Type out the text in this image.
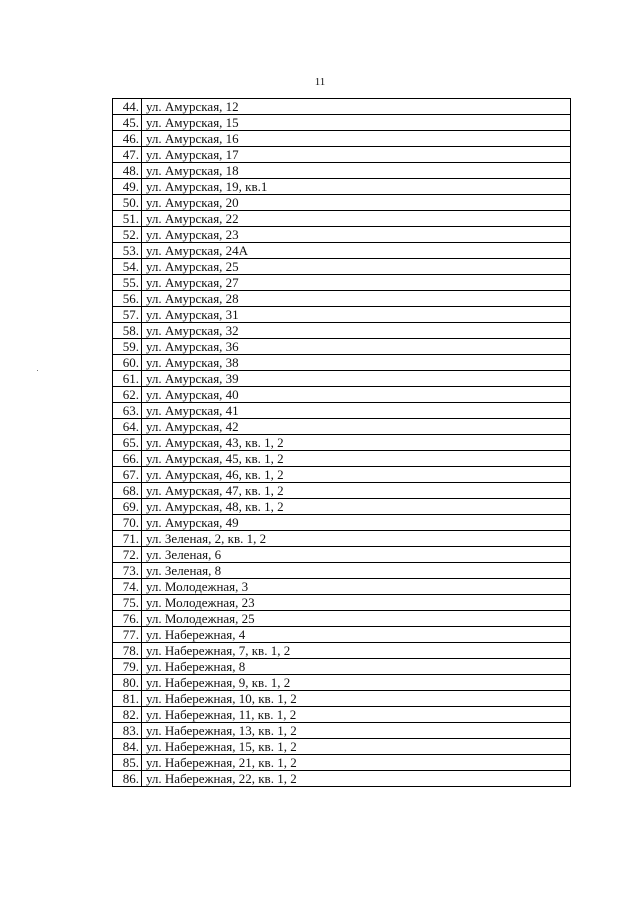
11
44.	ул. Амурская, 12
45.	ул. Амурская, 15
46.	ул. Амурская, 16
47.	ул. Амурская, 17
48.	ул. Амурская, 18
49.	ул. Амурская, 19, кв.1
50.	ул. Амурская, 20
51.	ул. Амурская, 22
52.	ул. Амурская, 23
53.	ул. Амурская, 24А
54.	ул. Амурская, 25
55.	ул. Амурская, 27
56.	ул. Амурская, 28
57.	ул. Амурская, 31
58.	ул. Амурская, 32
59.	ул. Амурская, 36
60.	ул. Амурская, 38
61.	ул. Амурская, 39
62.	ул. Амурская, 40
63.	ул. Амурская, 41
64.	ул. Амурская, 42
65.	ул. Амурская, 43, кв. 1, 2
66.	ул. Амурская, 45, кв. 1, 2
67.	ул. Амурская, 46, кв. 1, 2
68.	ул. Амурская, 47, кв. 1, 2
69.	ул. Амурская, 48, кв. 1, 2
70.	ул. Амурская, 49
71.	ул. Зеленая, 2, кв. 1, 2
72.	ул. Зеленая, 6
73.	ул. Зеленая, 8
74.	ул. Молодежная, 3
75.	ул. Молодежная, 23
76.	ул. Молодежная, 25
77.	ул. Набережная, 4
78.	ул. Набережная, 7, кв. 1, 2
79.	ул. Набережная, 8
80.	ул. Набережная, 9, кв. 1, 2
81.	ул. Набережная, 10, кв. 1, 2
82.	ул. Набережная, 11, кв. 1, 2
83.	ул. Набережная, 13, кв. 1, 2
84.	ул. Набережная, 15, кв. 1, 2
85.	ул. Набережная, 21, кв. 1, 2
86.	ул. Набережная, 22, кв. 1, 2
